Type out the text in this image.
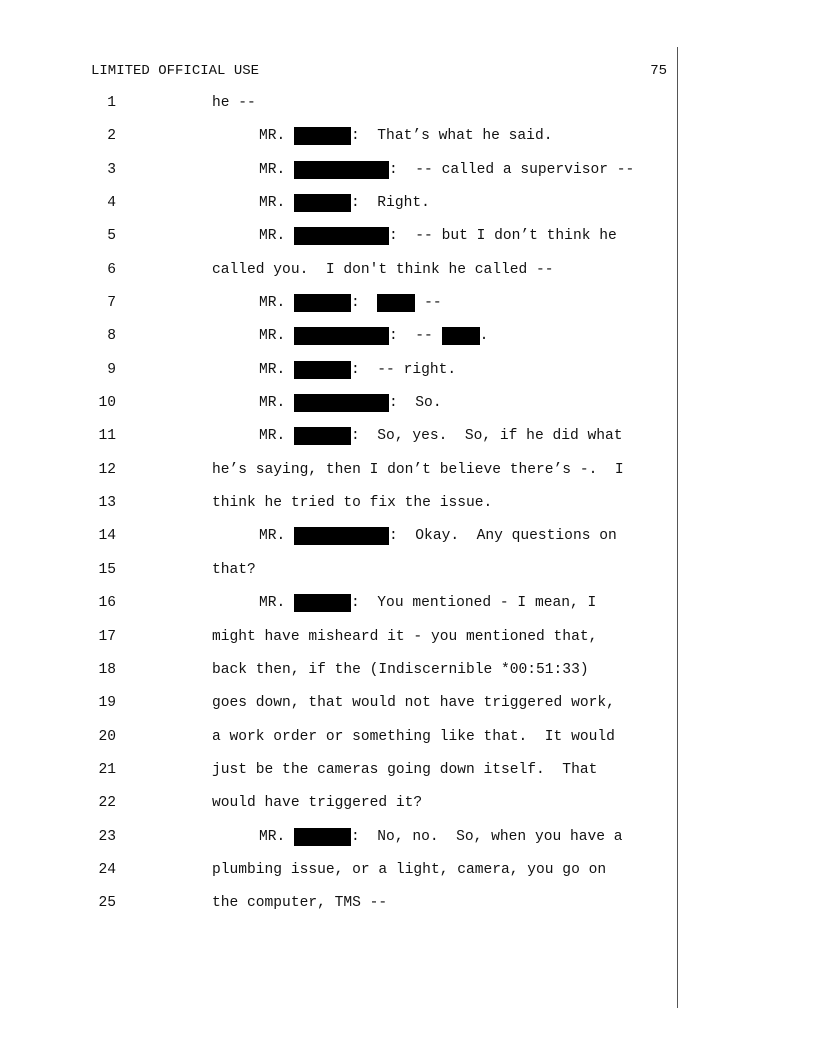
LIMITED OFFICIAL USE	75
1	he --
2	MR.	:  That’s what he said.
3	MR.	:  -- called a supervisor --
4	MR.	:  Right.
5	MR.	:  -- but I don’t think he
6	called you.  I don't think he called --
7	MR.	:	--
8	MR.	:  --	.
9	MR.	:  -- right.
10	MR.	:  So.
11	MR.	:  So, yes.  So, if he did what
12	he’s saying, then I don’t believe there’s -.  I
13	think he tried to fix the issue.
14	MR.	:  Okay.  Any questions on
15	that?
16	MR.	:  You mentioned - I mean, I
17	might have misheard it - you mentioned that,
18	back then, if the (Indiscernible *00:51:33)
19	goes down, that would not have triggered work,
20	a work order or something like that.  It would
21	just be the cameras going down itself.  That
22	would have triggered it?
23	MR.	:  No, no.  So, when you have a
24	plumbing issue, or a light, camera, you go on
25	the computer, TMS --
